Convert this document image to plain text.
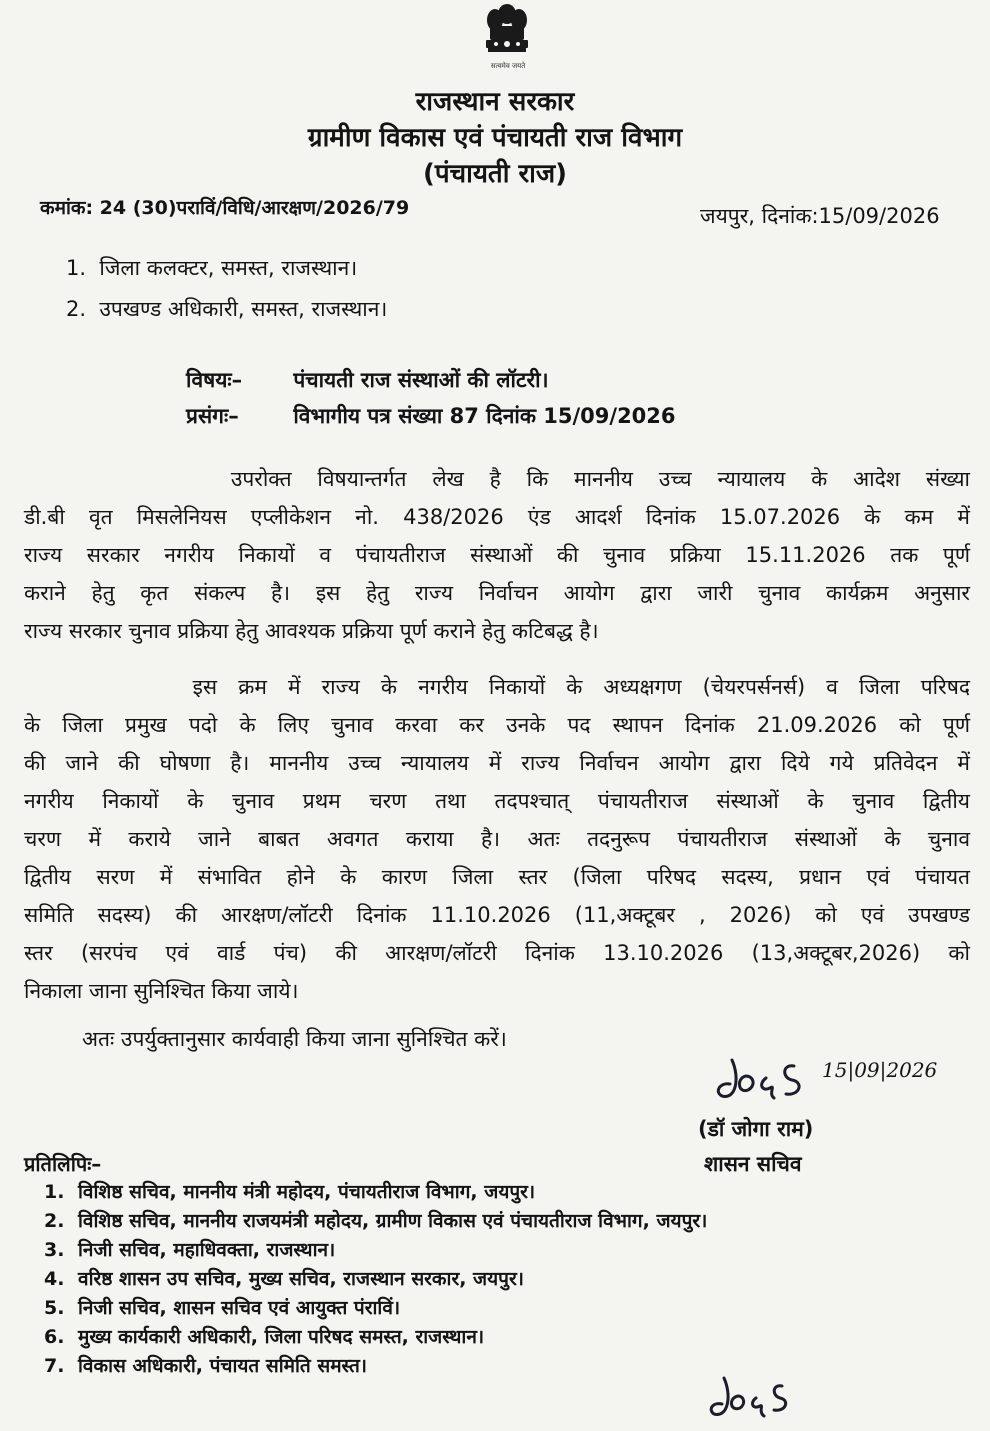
सत्यमेव जयते
राजस्थान सरकार
ग्रामीण विकास एवं पंचायती राज विभाग
(पंचायती राज)
कमांक: 24 (30)पराविं/विधि/आरक्षण/2026/79	जयपुर, दिनांक:15/09/2026
1. जिला कलक्टर, समस्त, राजस्थान।
2. उपखण्ड अधिकारी, समस्त, राजस्थान।
विषयः– पंचायती राज संस्थाओं की लॉटरी।
प्रसंगः–	विभागीय पत्र संख्या 87 दिनांक 15/09/2026
उपरोक्त विषयान्तर्गत लेख है कि माननीय उच्च न्यायालय के आदेश संख्या
डी.बी वृत मिसलेनियस एप्लीकेशन नो. 438/2026 एंड आदर्श दिनांक 15.07.2026 के कम में
राज्य सरकार नगरीय निकायों व पंचायतीराज संस्थाओं की चुनाव प्रक्रिया 15.11.2026 तक पूर्ण
कराने हेतु कृत संकल्प है। इस हेतु राज्य निर्वाचन आयोग द्वारा जारी चुनाव कार्यक्रम अनुसार
राज्य सरकार चुनाव प्रक्रिया हेतु आवश्यक प्रक्रिया पूर्ण कराने हेतु कटिबद्ध है।
इस क्रम में राज्य के नगरीय निकायों के अध्यक्षगण (चेयरपर्सनर्स) व जिला परिषद
के जिला प्रमुख पदो के लिए चुनाव करवा कर उनके पद स्थापन दिनांक 21.09.2026 को पूर्ण
की जाने की घोषणा है। माननीय उच्च न्यायालय में राज्य निर्वाचन आयोग द्वारा दिये गये प्रतिवेदन में
नगरीय निकायों के चुनाव प्रथम चरण तथा तदपश्चात् पंचायतीराज संस्थाओं के चुनाव द्वितीय
चरण में कराये जाने बाबत अवगत कराया है। अतः तदनुरूप पंचायतीराज संस्थाओं के चुनाव
द्वितीय सरण में संभावित होने के कारण जिला स्तर (जिला परिषद सदस्य, प्रधान एवं पंचायत
समिति सदस्य) की आरक्षण/लॉटरी दिनांक 11.10.2026 (11,अक्टूबर , 2026) को एवं उपखण्ड
स्तर (सरपंच एवं वार्ड पंच) की आरक्षण/लॉटरी दिनांक 13.10.2026 (13,अक्टूबर,2026) को
निकाला जाना सुनिश्चित किया जाये।
अतः उपर्युक्तानुसार कार्यवाही किया जाना सुनिश्चित करें।
15|09|2026
(डॉ जोगा राम)
शासन सचिव
प्रतिलिपिः–
1. विशिष्ठ सचिव, माननीय मंत्री महोदय, पंचायतीराज विभाग, जयपुर।
2. विशिष्ठ सचिव, माननीय राजयमंत्री महोदय, ग्रामीण विकास एवं पंचायतीराज विभाग, जयपुर।
3. निजी सचिव, महाधिवक्ता, राजस्थान।
4. वरिष्ठ शासन उप सचिव, मुख्य सचिव, राजस्थान सरकार, जयपुर।
5. निजी सचिव, शासन सचिव एवं आयुक्त पंराविं।
6. मुख्य कार्यकारी अधिकारी, जिला परिषद समस्त, राजस्थान।
7. विकास अधिकारी, पंचायत समिति समस्त।
